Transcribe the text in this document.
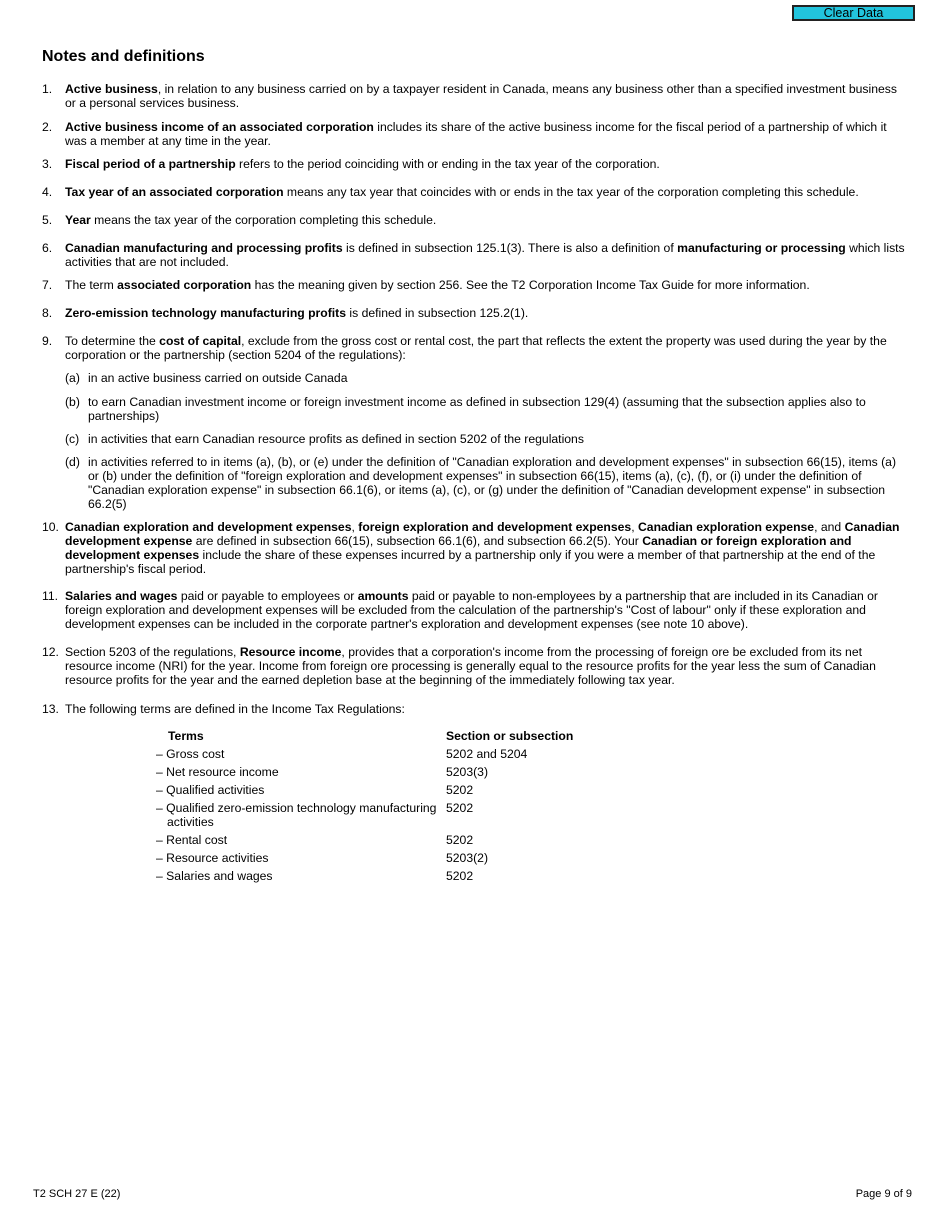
Clear Data
Notes and definitions
1.	Active business, in relation to any business carried on by a taxpayer resident in Canada, means any business other than a specified investment business or a personal services business.
2.	Active business income of an associated corporation includes its share of the active business income for the fiscal period of a partnership of which it was a member at any time in the year.
3.	Fiscal period of a partnership refers to the period coinciding with or ending in the tax year of the corporation.
4.	Tax year of an associated corporation means any tax year that coincides with or ends in the tax year of the corporation completing this schedule.
5.	Year means the tax year of the corporation completing this schedule.
6.	Canadian manufacturing and processing profits is defined in subsection 125.1(3). There is also a definition of manufacturing or processing which lists activities that are not included.
7.	The term associated corporation has the meaning given by section 256. See the T2 Corporation Income Tax Guide for more information.
8.	Zero-emission technology manufacturing profits is defined in subsection 125.2(1).
9.	To determine the cost of capital, exclude from the gross cost or rental cost, the part that reflects the extent the property was used during the year by the corporation or the partnership (section 5204 of the regulations):
10. Canadian exploration and development expenses, foreign exploration and development expenses, Canadian exploration expense, and Canadian development expense are defined in subsection 66(15), subsection 66.1(6), and subsection 66.2(5). Your Canadian or foreign exploration and development expenses include the share of these expenses incurred by a partnership only if you were a member of that partnership at the end of the partnership's fiscal period.
11. Salaries and wages paid or payable to employees or amounts paid or payable to non-employees by a partnership that are included in its Canadian or foreign exploration and development expenses will be excluded from the calculation of the partnership's "Cost of labour" only if these exploration and development expenses can be included in the corporate partner's exploration and development expenses (see note 10 above).
12. Section 5203 of the regulations, Resource income, provides that a corporation's income from the processing of foreign ore be excluded from its net resource income (NRI) for the year. Income from foreign ore processing is generally equal to the resource profits for the year less the sum of Canadian resource profits for the year and the earned depletion base at the beginning of the immediately following tax year.
13. The following terms are defined in the Income Tax Regulations:
(a) in an active business carried on outside Canada
(b) to earn Canadian investment income or foreign investment income as defined in subsection 129(4) (assuming that the subsection applies also to partnerships)
(c) in activities that earn Canadian resource profits as defined in section 5202 of the regulations
(d) in activities referred to in items (a), (b), or (e) under the definition of "Canadian exploration and development expenses" in subsection 66(15), items (a) or (b) under the definition of "foreign exploration and development expenses" in subsection 66(15), items (a), (c), (f), or (i) under the definition of "Canadian exploration expense" in subsection 66.1(6), or items (a), (c), or (g) under the definition of "Canadian development expense" in subsection 66.2(5)
Terms	Section or subsection
– Gross cost	5202 and 5204
– Net resource income	5203(3)
– Qualified activities	5202
– Qualified zero-emission technology manufacturing activities	5202
– Rental cost	5202
– Resource activities	5203(2)
– Salaries and wages	5202
T2 SCH 27 E (22)	Page 9 of 9
